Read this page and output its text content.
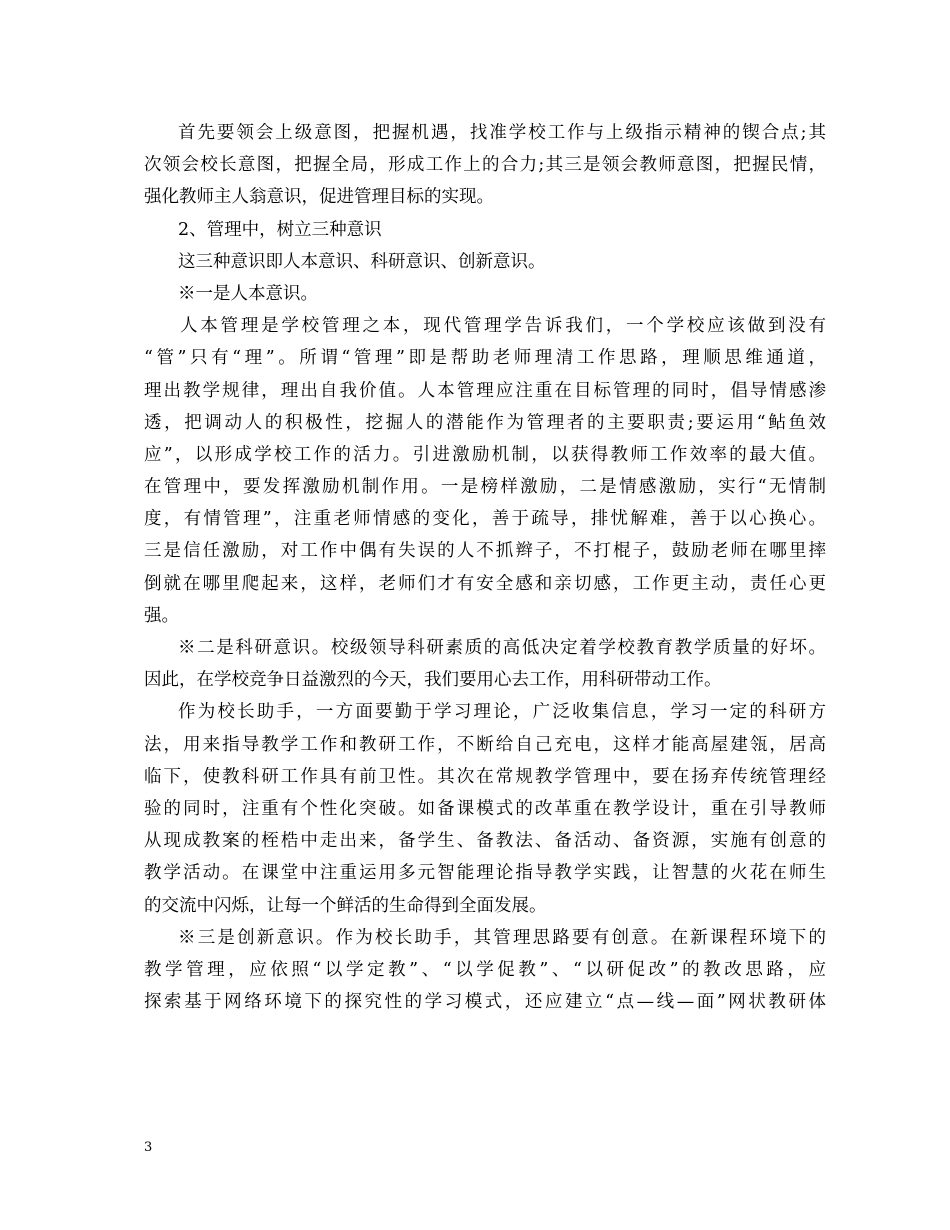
首先要领会上级意图，把握机遇，找准学校工作与上级指示精神的锲合点;其
次领会校长意图，把握全局，形成工作上的合力;其三是领会教师意图，把握民情，
强化教师主人翁意识，促进管理目标的实现。
2、管理中，树立三种意识
这三种意识即人本意识、科研意识、创新意识。
※一是人本意识。
人本管理是学校管理之本，现代管理学告诉我们，一个学校应该做到没有
“管”只有“理”。所谓“管理”即是帮助老师理清工作思路，理顺思维通道，
理出教学规律，理出自我价值。人本管理应注重在目标管理的同时，倡导情感渗
透，把调动人的积极性，挖掘人的潜能作为管理者的主要职责;要运用“鲇鱼效
应”，以形成学校工作的活力。引进激励机制，以获得教师工作效率的最大值。
在管理中，要发挥激励机制作用。一是榜样激励，二是情感激励，实行“无情制
度，有情管理”，注重老师情感的变化，善于疏导，排忧解难，善于以心换心。
三是信任激励，对工作中偶有失误的人不抓辫子，不打棍子，鼓励老师在哪里摔
倒就在哪里爬起来，这样，老师们才有安全感和亲切感，工作更主动，责任心更
强。
※二是科研意识。校级领导科研素质的高低决定着学校教育教学质量的好坏。
因此，在学校竞争日益激烈的今天，我们要用心去工作，用科研带动工作。
作为校长助手，一方面要勤于学习理论，广泛收集信息，学习一定的科研方
法，用来指导教学工作和教研工作，不断给自己充电，这样才能高屋建瓴，居高
临下，使教科研工作具有前卫性。其次在常规教学管理中，要在扬弃传统管理经
验的同时，注重有个性化突破。如备课模式的改革重在教学设计，重在引导教师
从现成教案的桎梏中走出来，备学生、备教法、备活动、备资源，实施有创意的
教学活动。在课堂中注重运用多元智能理论指导教学实践，让智慧的火花在师生
的交流中闪烁，让每一个鲜活的生命得到全面发展。
※三是创新意识。作为校长助手，其管理思路要有创意。在新课程环境下的
教学管理，应依照“以学定教”、“以学促教”、“以研促改”的教改思路，应
探索基于网络环境下的探究性的学习模式，还应建立“点—线—面”网状教研体
3
